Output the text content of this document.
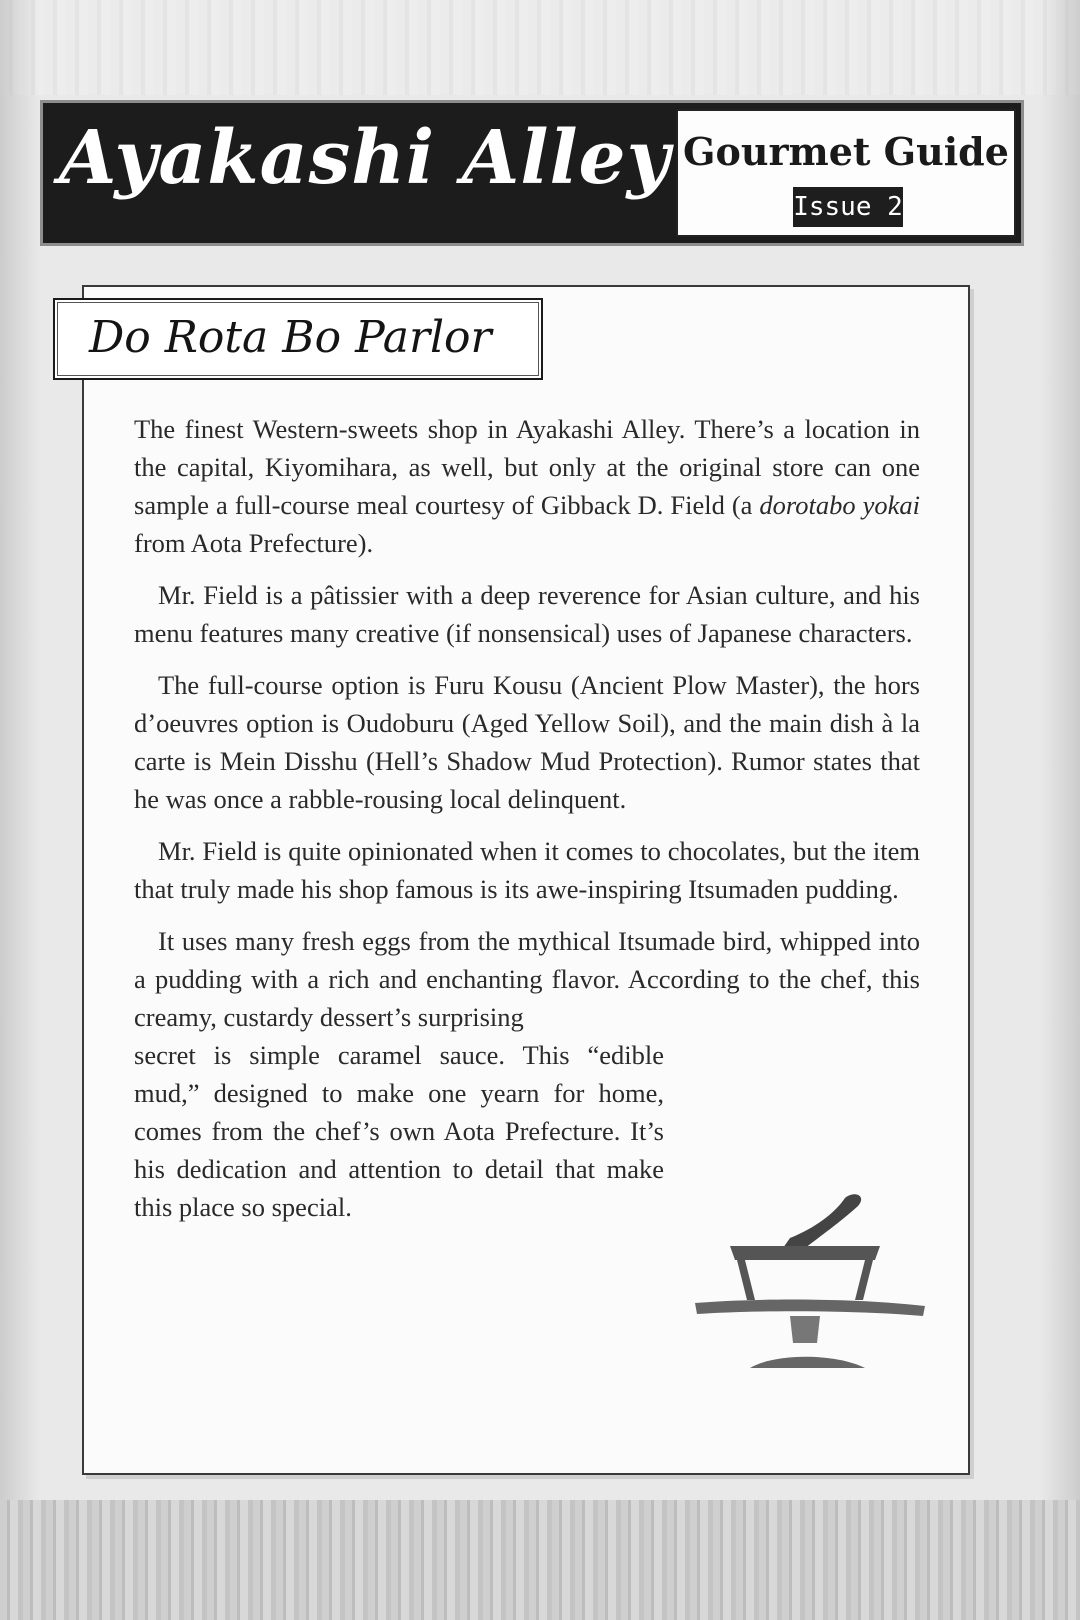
Ayakashi Alley Gourmet Guide
Issue 2
Do Rota Bo Parlor

The finest Western-sweets shop in Ayakashi Alley. There’s a location in the capital, Kiyomihara, as well, but only at the original store can one sample a full-course meal courtesy of Gibback D. Field (a dorotabo yokai from Aota Prefecture).

Mr. Field is a pâtissier with a deep reverence for Asian culture, and his menu features many creative (if nonsensical) uses of Japanese characters.

The full-course option is Furu Kousu (Ancient Plow Master), the hors d’oeuvres option is Oudoburu (Aged Yellow Soil), and the main dish à la carte is Mein Disshu (Hell’s Shadow Mud Protection). Rumor states that he was once a rabble-rousing local delinquent.

Mr. Field is quite opinionated when it comes to chocolates, but the item that truly made his shop famous is its awe-inspiring Itsumaden pudding.

It uses many fresh eggs from the mythical Itsumade bird, whipped into a pudding with a rich and enchanting flavor. According to the chef, this creamy, custardy dessert’s surprising

secret is simple caramel sauce. This “edible mud,” designed to make one yearn for home, comes from the chef’s own Aota Prefecture. It’s his dedication and attention to detail that make this place so special.
